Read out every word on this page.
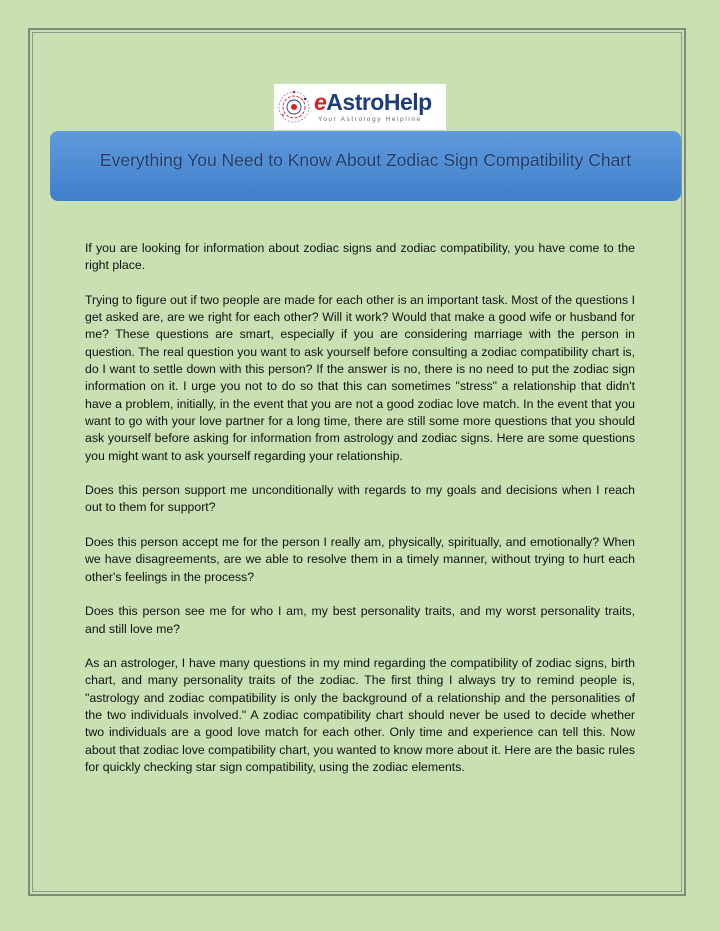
eAstroHelp
Your Astrology Helpline
Everything You Need to Know About Zodiac Sign Compatibility Chart

If you are looking for information about zodiac signs and zodiac compatibility, you have come to the right place.

Trying to figure out if two people are made for each other is an important task. Most of the questions I get asked are, are we right for each other? Will it work? Would that make a good wife or husband for me? These questions are smart, especially if you are considering marriage with the person in question. The real question you want to ask yourself before consulting a zodiac compatibility chart is, do I want to settle down with this person? If the answer is no, there is no need to put the zodiac sign information on it. I urge you not to do so that this can sometimes "stress" a relationship that didn't have a problem, initially, in the event that you are not a good zodiac love match. In the event that you want to go with your love partner for a long time, there are still some more questions that you should ask yourself before asking for information from astrology and zodiac signs. Here are some questions you might want to ask yourself regarding your relationship.

Does this person support me unconditionally with regards to my goals and decisions when I reach out to them for support?

Does this person accept me for the person I really am, physically, spiritually, and emotionally? When we have disagreements, are we able to resolve them in a timely manner, without trying to hurt each other's feelings in the process?

Does this person see me for who I am, my best personality traits, and my worst personality traits, and still love me?

As an astrologer, I have many questions in my mind regarding the compatibility of zodiac signs, birth chart, and many personality traits of the zodiac. The first thing I always try to remind people is, "astrology and zodiac compatibility is only the background of a relationship and the personalities of the two individuals involved." A zodiac compatibility chart should never be used to decide whether two individuals are a good love match for each other. Only time and experience can tell this. Now about that zodiac love compatibility chart, you wanted to know more about it. Here are the basic rules for quickly checking star sign compatibility, using the zodiac elements.
